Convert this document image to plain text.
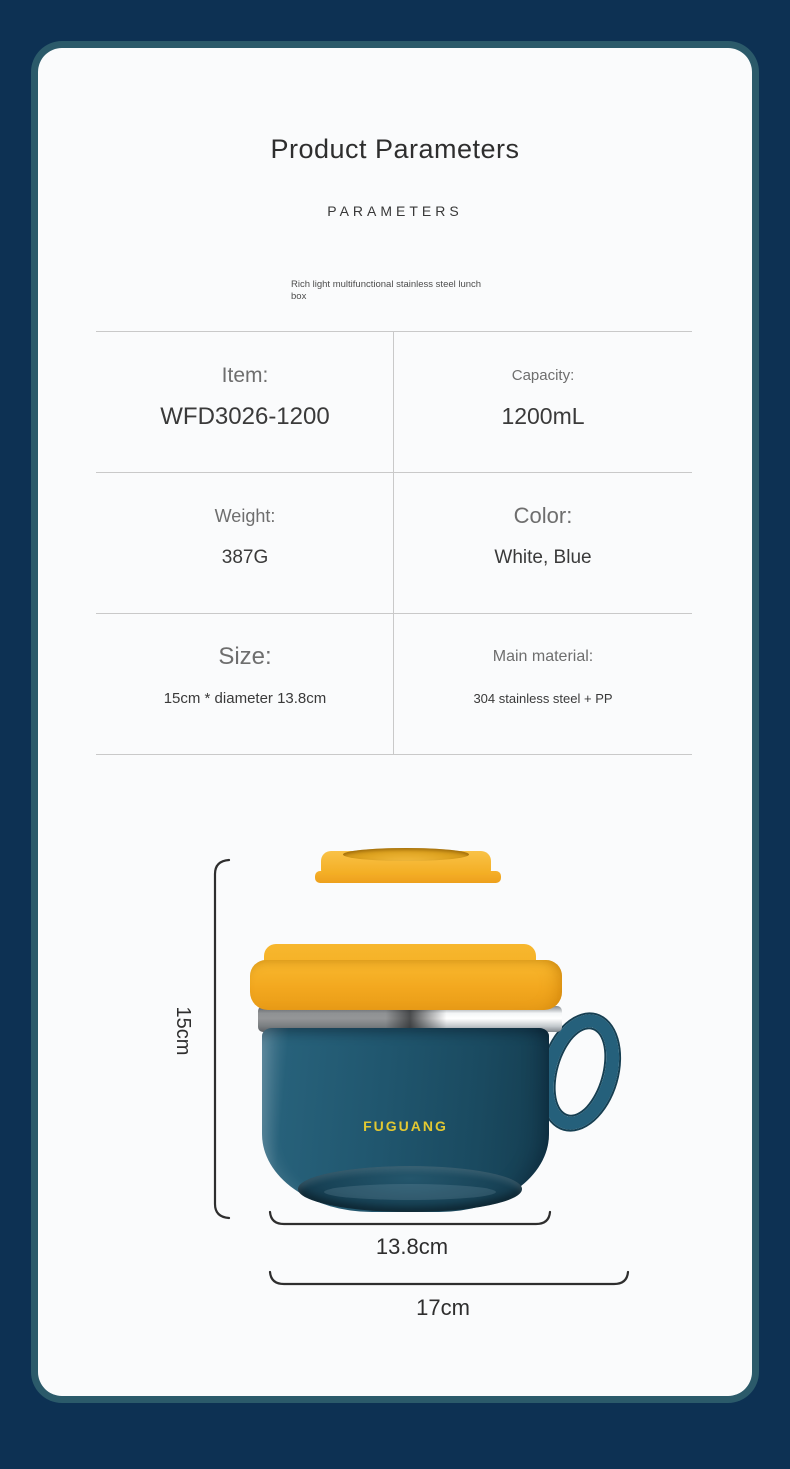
Product Parameters
PARAMETERS
Rich light multifunctional stainless steel lunch box
Item:
WFD3026-1200
Capacity:
1200mL
Weight:
387G
Color:
White, Blue
Size:
15cm * diameter 13.8cm
Main material:
304 stainless steel + PP
FUGUANG
15cm
13.8cm
17cm
